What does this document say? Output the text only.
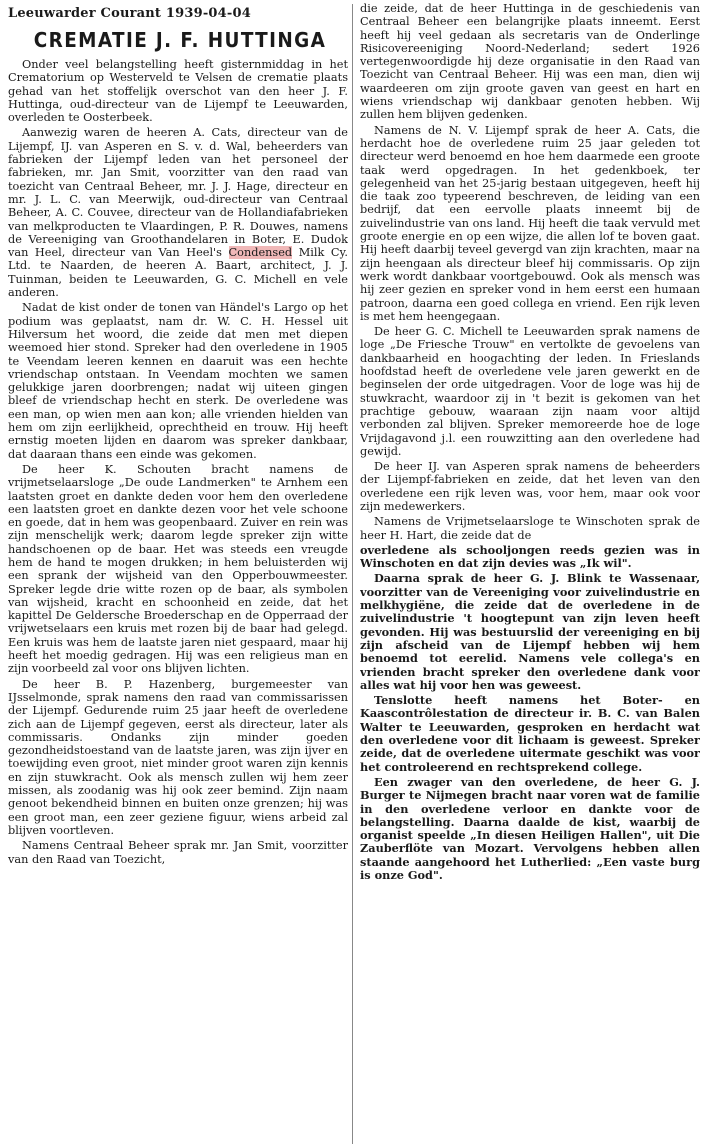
Leeuwarder Courant 1939-04-04
CREMATIE J. F. HUTTINGA

Onder veel belangstelling heeft gisternmiddag in het Crematorium op Westerveld te Velsen de crematie plaats gehad van het stoffelijk overschot van den heer J. F. Huttinga, oud-directeur van de Lijempf te Leeuwarden, overleden te Oosterbeek.

Aanwezig waren de heeren A. Cats, directeur van de Lijempf, IJ. van Asperen en S. v. d. Wal, beheerders van fabrieken der Lijempf leden van het personeel der fabrieken, mr. Jan Smit, voorzitter van den raad van toezicht van Centraal Beheer, mr. J. J. Hage, directeur en mr. J. L. C. van Meerwijk, oud-directeur van Centraal Beheer, A. C. Couvee, directeur van de Hollandiafabrieken van melkproducten te Vlaardingen, P. R. Douwes, namens de Vereeniging van Groothandelaren in Boter, E. Dudok van Heel, directeur van Van Heel's Condensed Milk Cy. Ltd. te Naarden, de heeren A. Baart, architect, J. J. Tuinman, beiden te Leeuwarden, G. C. Michell en vele anderen.

Nadat de kist onder de tonen van Händel's Largo op het podium was geplaatst, nam dr. W. C. H. Hessel uit Hilversum het woord, die zeide dat men met diepen weemoed hier stond. Spreker had den overledene in 1905 te Veendam leeren kennen en daaruit was een hechte vriendschap ontstaan. In Veendam mochten we samen gelukkige jaren doorbrengen; nadat wij uiteen gingen bleef de vriendschap hecht en sterk. De overledene was een man, op wien men aan kon; alle vrienden hielden van hem om zijn eerlijkheid, oprechtheid en trouw. Hij heeft ernstig moeten lijden en daarom was spreker dankbaar, dat daaraan thans een einde was gekomen.

De heer K. Schouten bracht namens de vrijmetselaarsloge „De oude Landmerken" te Arnhem een laatsten groet en dankte deden voor hem den overledene een laatsten groet en dankte dezen voor het vele schoone en goede, dat in hem was geopenbaard. Zuiver en rein was zijn menschelijk werk; daarom legde spreker zijn witte handschoenen op de baar. Het was steeds een vreugde hem de hand te mogen drukken; in hem beluisterden wij een sprank der wijsheid van den Opperbouwmeester. Spreker legde drie witte rozen op de baar, als symbolen van wijsheid, kracht en schoonheid en zeide, dat het kapittel De Geldersche Broederschap en de Opperraad der vrijwetselaars een kruis met rozen bij de baar had gelegd. Een kruis was hem de laatste jaren niet gespaard, maar hij heeft het moedig gedragen. Hij was een religieus man en zijn voorbeeld zal voor ons blijven lichten.

De heer B. P. Hazenberg, burgemeester van IJsselmonde, sprak namens den raad van commissarissen der Lijempf. Gedurende ruim 25 jaar heeft de overledene zich aan de Lijempf gegeven, eerst als directeur, later als commissaris. Ondanks zijn minder goeden gezondheidstoestand van de laatste jaren, was zijn ijver en toewijding even groot, niet minder groot waren zijn kennis en zijn stuwkracht. Ook als mensch zullen wij hem zeer missen, als zoodanig was hij ook zeer bemind. Zijn naam genoot bekendheid binnen en buiten onze grenzen; hij was een groot man, een zeer geziene figuur, wiens arbeid zal blijven voortleven.

Namens Centraal Beheer sprak mr. Jan Smit, voorzitter van den Raad van Toezicht,

die zeide, dat de heer Huttinga in de geschiedenis van Centraal Beheer een belangrijke plaats inneemt. Eerst heeft hij veel gedaan als secretaris van de Onderlinge Risicovereeniging Noord-Nederland; sedert 1926 vertegenwoordigde hij deze organisatie in den Raad van Toezicht van Centraal Beheer. Hij was een man, dien wij waardeeren om zijn groote gaven van geest en hart en wiens vriendschap wij dankbaar genoten hebben. Wij zullen hem blijven gedenken.

Namens de N. V. Lijempf sprak de heer A. Cats, die herdacht hoe de overledene ruim 25 jaar geleden tot directeur werd benoemd en hoe hem daarmede een groote taak werd opgedragen. In het gedenkboek, ter gelegenheid van het 25-jarig bestaan uitgegeven, heeft hij die taak zoo typeerend beschreven, de leiding van een bedrijf, dat een eervolle plaats inneemt bij de zuivelindustrie van ons land. Hij heeft die taak vervuld met groote energie en op een wijze, die allen lof te boven gaat. Hij heeft daarbij teveel gevergd van zijn krachten, maar na zijn heengaan als directeur bleef hij commissaris. Op zijn werk wordt dankbaar voortgebouwd. Ook als mensch was hij zeer gezien en spreker vond in hem eerst een humaan patroon, daarna een goed collega en vriend. Een rijk leven is met hem heengegaan.

De heer G. C. Michell te Leeuwarden sprak namens de loge „De Friesche Trouw" en vertolkte de gevoelens van dankbaarheid en hoogachting der leden. In Frieslands hoofdstad heeft de overledene vele jaren gewerkt en de beginselen der orde uitgedragen. Voor de loge was hij de stuwkracht, waardoor zij in 't bezit is gekomen van het prachtige gebouw, waaraan zijn naam voor altijd verbonden zal blijven. Spreker memoreerde hoe de loge Vrijdagavond j.l. een rouwzitting aan den overledene had gewijd.

De heer IJ. van Asperen sprak namens de beheerders der Lijempf-fabrieken en zeide, dat het leven van den overledene een rijk leven was, voor hem, maar ook voor zijn medewerkers.

Namens de Vrijmetselaarsloge te Winschoten sprak de heer H. Hart, die zeide dat de

overledene als schooljongen reeds gezien was in Winschoten en dat zijn devies was „Ik wil".

Daarna sprak de heer G. J. Blink te Wassenaar, voorzitter van de Vereeniging voor zuivelindustrie en melkhygiëne, die zeide dat de overledene in de zuivelindustrie 't hoogtepunt van zijn leven heeft gevonden. Hij was bestuurslid der vereeniging en bij zijn afscheid van de Lijempf hebben wij hem benoemd tot eerelid. Namens vele collega's en vrienden bracht spreker den overledene dank voor alles wat hij voor hen was geweest.

Tenslotte heeft namens het Boter- en Kaascontrôlestation de directeur ir. B. C. van Balen Walter te Leeuwarden, gesproken en herdacht wat den overledene voor dit lichaam is geweest. Spreker zeide, dat de overledene uitermate geschikt was voor het controleerend en rechtsprekend college.

Een zwager van den overledene, de heer G. J. Burger te Nijmegen bracht naar voren wat de familie in den overledene verloor en dankte voor de belangstelling. Daarna daalde de kist, waarbij de organist speelde „In diesen Heiligen Hallen", uit Die Zauberflöte van Mozart. Vervolgens hebben allen staande aangehoord het Lutherlied: „Een vaste burg is onze God".
